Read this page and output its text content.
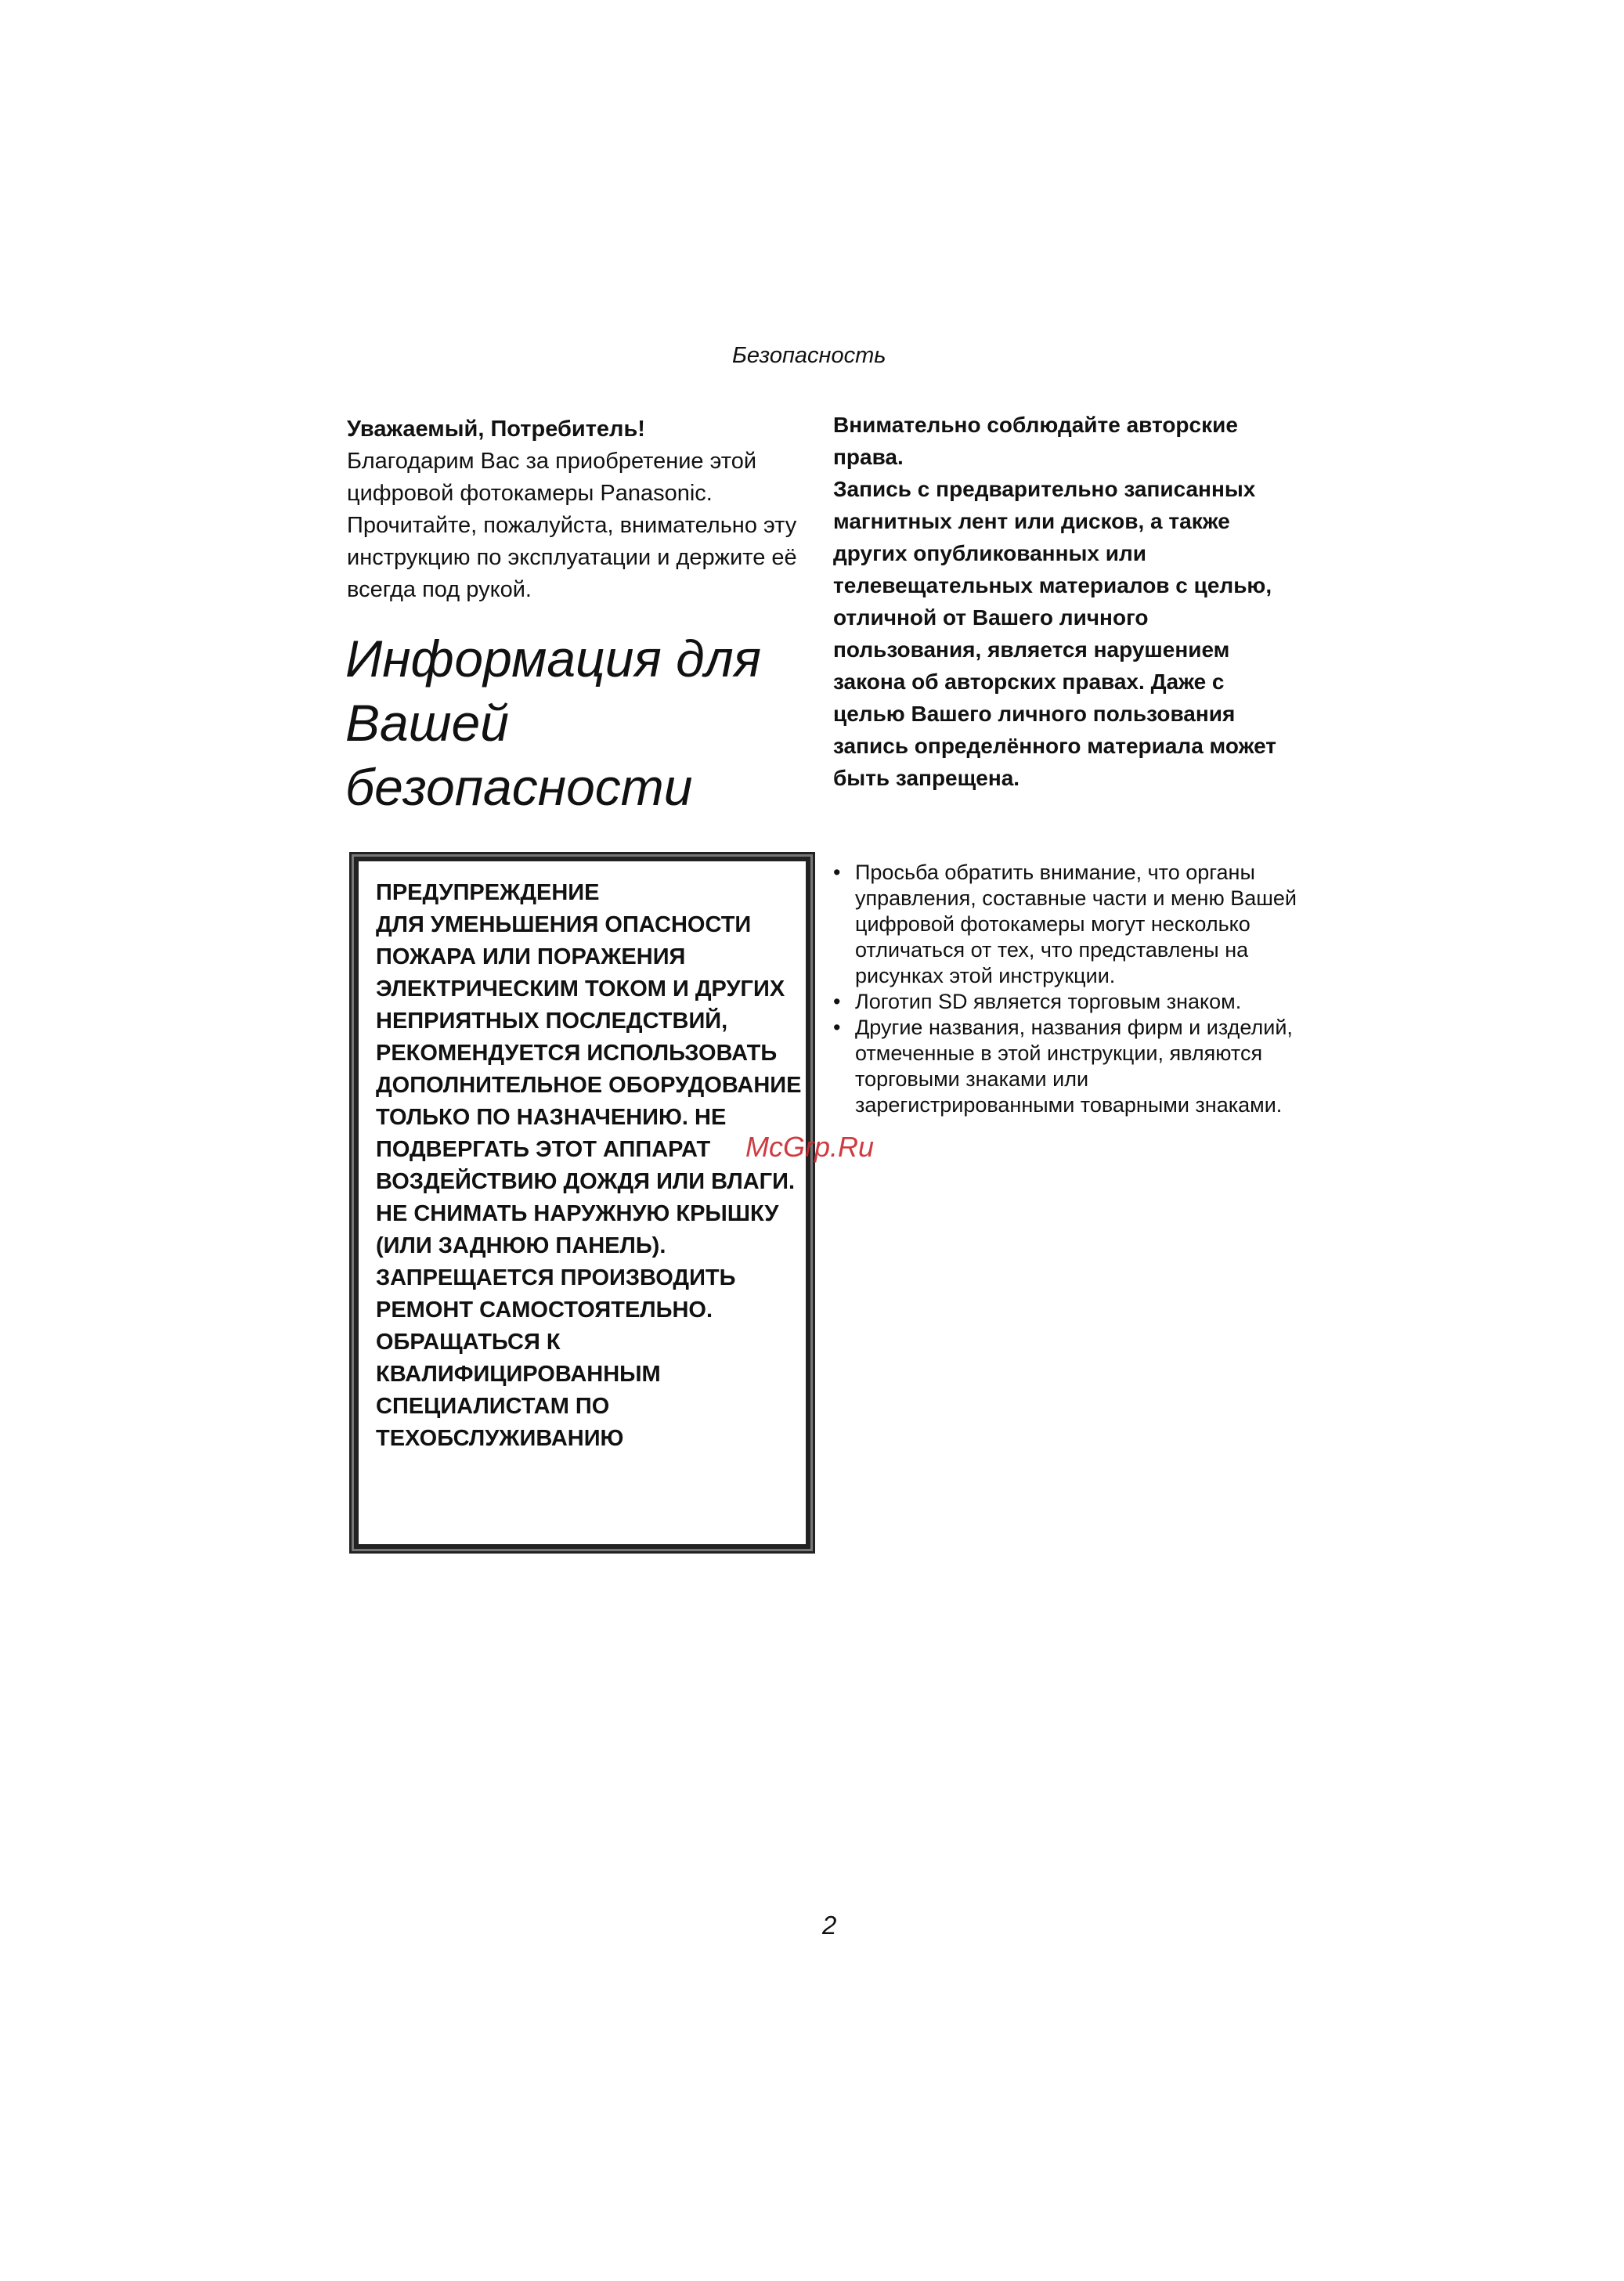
Безопасность
Уважаемый, Потребитель!
Благодарим Вас за приобретение этой цифровой фотокамеры Panasonic. Прочитайте, пожалуйста, внимательно эту инструкцию по эксплуатации и держите её всегда под рукой.
Информация для Вашей безопасности
ПРЕДУПРЕЖДЕНИЕ
ДЛЯ УМЕНЬШЕНИЯ ОПАСНОСТИ ПОЖАРА ИЛИ ПОРАЖЕНИЯ ЭЛЕКТРИЧЕСКИМ ТОКОМ И ДРУГИХ НЕПРИЯТНЫХ ПОСЛЕДСТВИЙ, РЕКОМЕНДУЕТСЯ ИСПОЛЬЗОВАТЬ ДОПОЛНИТЕЛЬНОЕ ОБОРУДОВАНИЕ ТОЛЬКО ПО НАЗНАЧЕНИЮ. НЕ ПОДВЕРГАТЬ ЭТОТ АППАРАТ ВОЗДЕЙСТВИЮ ДОЖДЯ ИЛИ ВЛАГИ. НЕ СНИМАТЬ НАРУЖНУЮ КРЫШКУ (ИЛИ ЗАДНЮЮ ПАНЕЛЬ). ЗАПРЕЩАЕТСЯ ПРОИЗВОДИТЬ РЕМОНТ САМОСТОЯТЕЛЬНО. ОБРАЩАТЬСЯ К КВАЛИФИЦИРОВАННЫМ СПЕЦИАЛИСТАМ ПО ТЕХОБСЛУЖИВАНИЮ
Внимательно соблюдайте авторские права.
Запись с предварительно записанных магнитных лент или дисков, а также других опубликованных или телевещательных материалов с целью, отличной от Вашего личного пользования, является нарушением закона об авторских правах. Даже с целью Вашего личного пользования запись определённого материала может быть запрещена.
• Просьба обратить внимание, что органы управления, составные части и меню Вашей цифровой фотокамеры могут несколько отличаться от тех, что представлены на рисунках этой инструкции.
• Логотип SD является торговым знаком.
• Другие названия, названия фирм и изделий, отмеченные в этой инструкции, являются торговыми знаками или зарегистрированными товарными знаками.
McGrp.Ru
2
